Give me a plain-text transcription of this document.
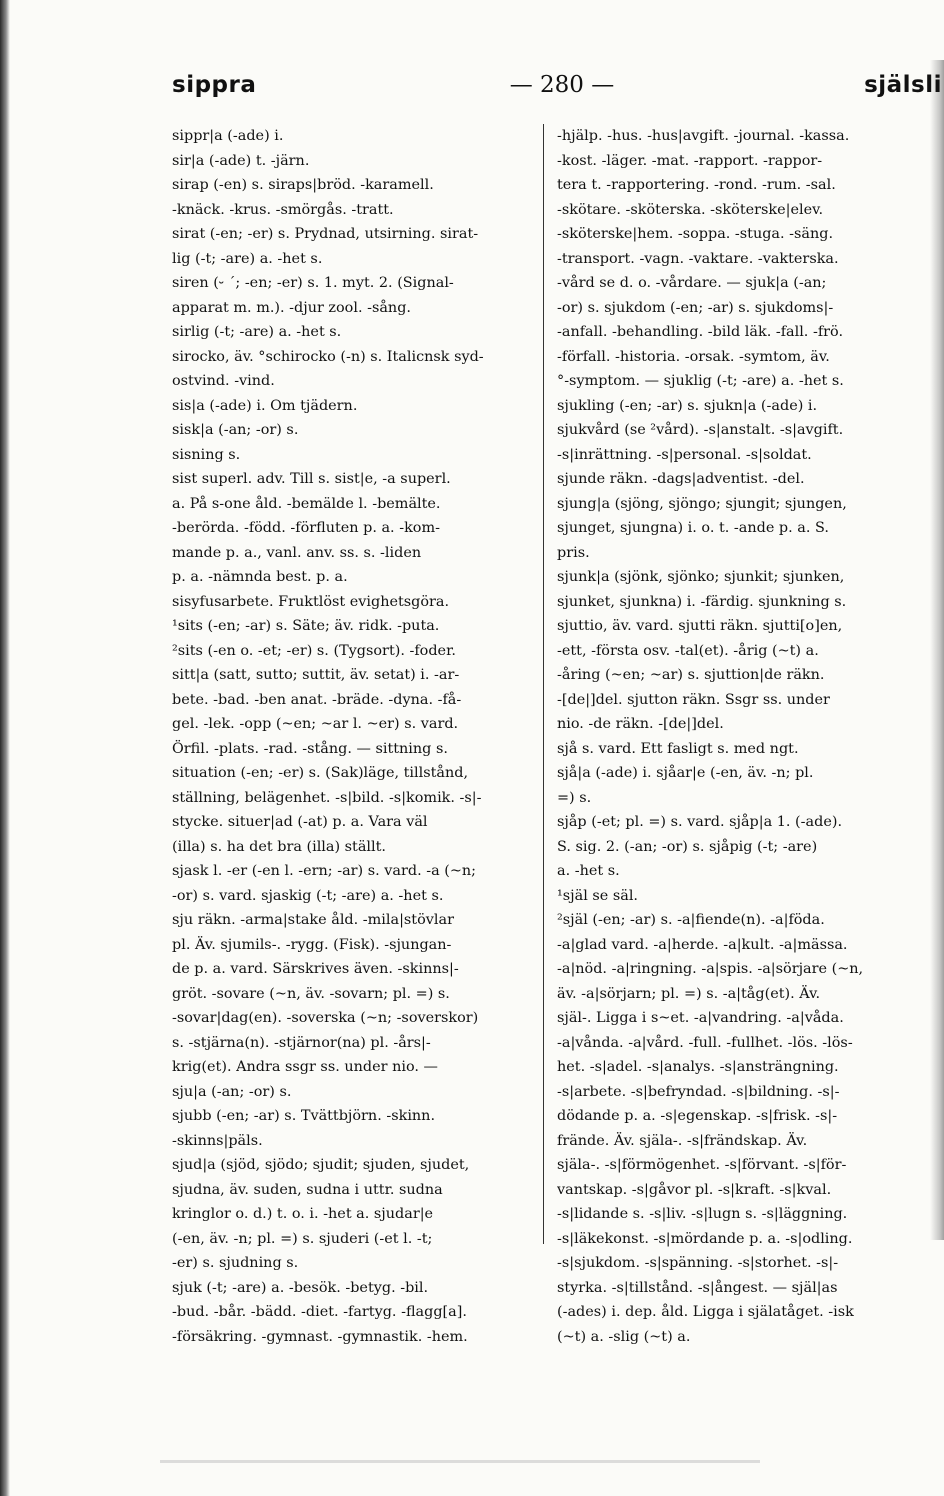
sippra	— 280 —	själsli
sippr|a (-ade) i.
sir|a (-ade) t. -järn.
sirap (-en) s. siraps|bröd. -karamell.
-knäck. -krus. -smörgås. -tratt.
sirat (-en; -er) s. Prydnad, utsirning. sirat-
lig (-t; -are) a. -het s.
siren (⏑ ´; -en; -er) s. 1. myt. 2. (Signal-
apparat m. m.). -djur zool. -sång.
sirlig (-t; -are) a. -het s.
sirocko, äv. °schirocko (-n) s. Italicnsk syd-
ostvind. -vind.
sis|a (-ade) i. Om tjädern.
sisk|a (-an; -or) s.
sisning s.
sist superl. adv. Till s. sist|e, -a superl.
a. På s-one åld. -bemälde l. -bemälte.
-berörda. -född. -förfluten p. a. -kom-
mande p. a., vanl. anv. ss. s. -liden
p. a. -nämnda best. p. a.
sisyfusarbete. Fruktlöst evighetsgöra.
¹sits (-en; -ar) s. Säte; äv. ridk. -puta.
²sits (-en o. -et; -er) s. (Tygsort). -foder.
sitt|a (satt, sutto; suttit, äv. setat) i. -ar-
bete. -bad. -ben anat. -bräde. -dyna. -få-
gel. -lek. -opp (~en; ~ar l. ~er) s. vard.
Örfil. -plats. -rad. -stång. — sittning s.
situation (-en; -er) s. (Sak)läge, tillstånd,
ställning, belägenhet. -s|bild. -s|komik. -s|-
stycke. situer|ad (-at) p. a. Vara väl
(illa) s. ha det bra (illa) ställt.
sjask l. -er (-en l. -ern; -ar) s. vard. -a (~n;
-or) s. vard. sjaskig (-t; -are) a. -het s.
sju räkn. -arma|stake åld. -mila|stövlar
pl. Äv. sjumils-. -rygg. (Fisk). -sjungan-
de p. a. vard. Särskrives även. -skinns|-
gröt. -sovare (~n, äv. -sovarn; pl. =) s.
-sovar|dag(en). -soverska (~n; -soverskor)
s. -stjärna(n). -stjärnor(na) pl. -års|-
krig(et). Andra ssgr ss. under nio. —
sju|a (-an; -or) s.
sjubb (-en; -ar) s. Tvättbjörn. -skinn.
-skinns|päls.
sjud|a (sjöd, sjödo; sjudit; sjuden, sjudet,
sjudna, äv. suden, sudna i uttr. sudna
kringlor o. d.) t. o. i. -het a. sjudar|e
(-en, äv. -n; pl. =) s. sjuderi (-et l. -t;
-er) s. sjudning s.
sjuk (-t; -are) a. -besök. -betyg. -bil.
-bud. -bår. -bädd. -diet. -fartyg. -flagg[a].
-försäkring. -gymnast. -gymnastik. -hem.
-hjälp. -hus. -hus|avgift. -journal. -kassa.
-kost. -läger. -mat. -rapport. -rappor-
tera t. -rapportering. -rond. -rum. -sal.
-skötare. -sköterska. -sköterske|elev.
-sköterske|hem. -soppa. -stuga. -säng.
-transport. -vagn. -vaktare. -vakterska.
-vård se d. o. -vårdare. — sjuk|a (-an;
-or) s. sjukdom (-en; -ar) s. sjukdoms|-
-anfall. -behandling. -bild läk. -fall. -frö.
-förfall. -historia. -orsak. -symtom, äv.
°-symptom. — sjuklig (-t; -are) a. -het s.
sjukling (-en; -ar) s. sjukn|a (-ade) i.
sjukvård (se ²vård). -s|anstalt. -s|avgift.
-s|inrättning. -s|personal. -s|soldat.
sjunde räkn. -dags|adventist. -del.
sjung|a (sjöng, sjöngo; sjungit; sjungen,
sjunget, sjungna) i. o. t. -ande p. a. S.
pris.
sjunk|a (sjönk, sjönko; sjunkit; sjunken,
sjunket, sjunkna) i. -färdig. sjunkning s.
sjuttio, äv. vard. sjutti räkn. sjutti[o]en,
-ett, -första osv. -tal(et). -årig (~t) a.
-åring (~en; ~ar) s. sjuttion|de räkn.
-[de|]del. sjutton räkn. Ssgr ss. under
nio. -de räkn. -[de|]del.
sjå s. vard. Ett fasligt s. med ngt.
sjå|a (-ade) i. sjåar|e (-en, äv. -n; pl.
=) s.
sjåp (-et; pl. =) s. vard. sjåp|a 1. (-ade).
S. sig. 2. (-an; -or) s. sjåpig (-t; -are)
a. -het s.
¹själ se säl.
²själ (-en; -ar) s. -a|fiende(n). -a|föda.
-a|glad vard. -a|herde. -a|kult. -a|mässa.
-a|nöd. -a|ringning. -a|spis. -a|sörjare (~n,
äv. -a|sörjarn; pl. =) s. -a|tåg(et). Äv.
själ-. Ligga i s~et. -a|vandring. -a|våda.
-a|vånda. -a|vård. -full. -fullhet. -lös. -lös-
het. -s|adel. -s|analys. -s|ansträngning.
-s|arbete. -s|befryndad. -s|bildning. -s|-
dödande p. a. -s|egenskap. -s|frisk. -s|-
frände. Äv. själa-. -s|frändskap. Äv.
själa-. -s|förmögenhet. -s|förvant. -s|för-
vantskap. -s|gåvor pl. -s|kraft. -s|kval.
-s|lidande s. -s|liv. -s|lugn s. -s|läggning.
-s|läkekonst. -s|mördande p. a. -s|odling.
-s|sjukdom. -s|spänning. -s|storhet. -s|-
styrka. -s|tillstånd. -s|ångest. — själ|as
(-ades) i. dep. åld. Ligga i själatåget. -isk
(~t) a. -slig (~t) a.
